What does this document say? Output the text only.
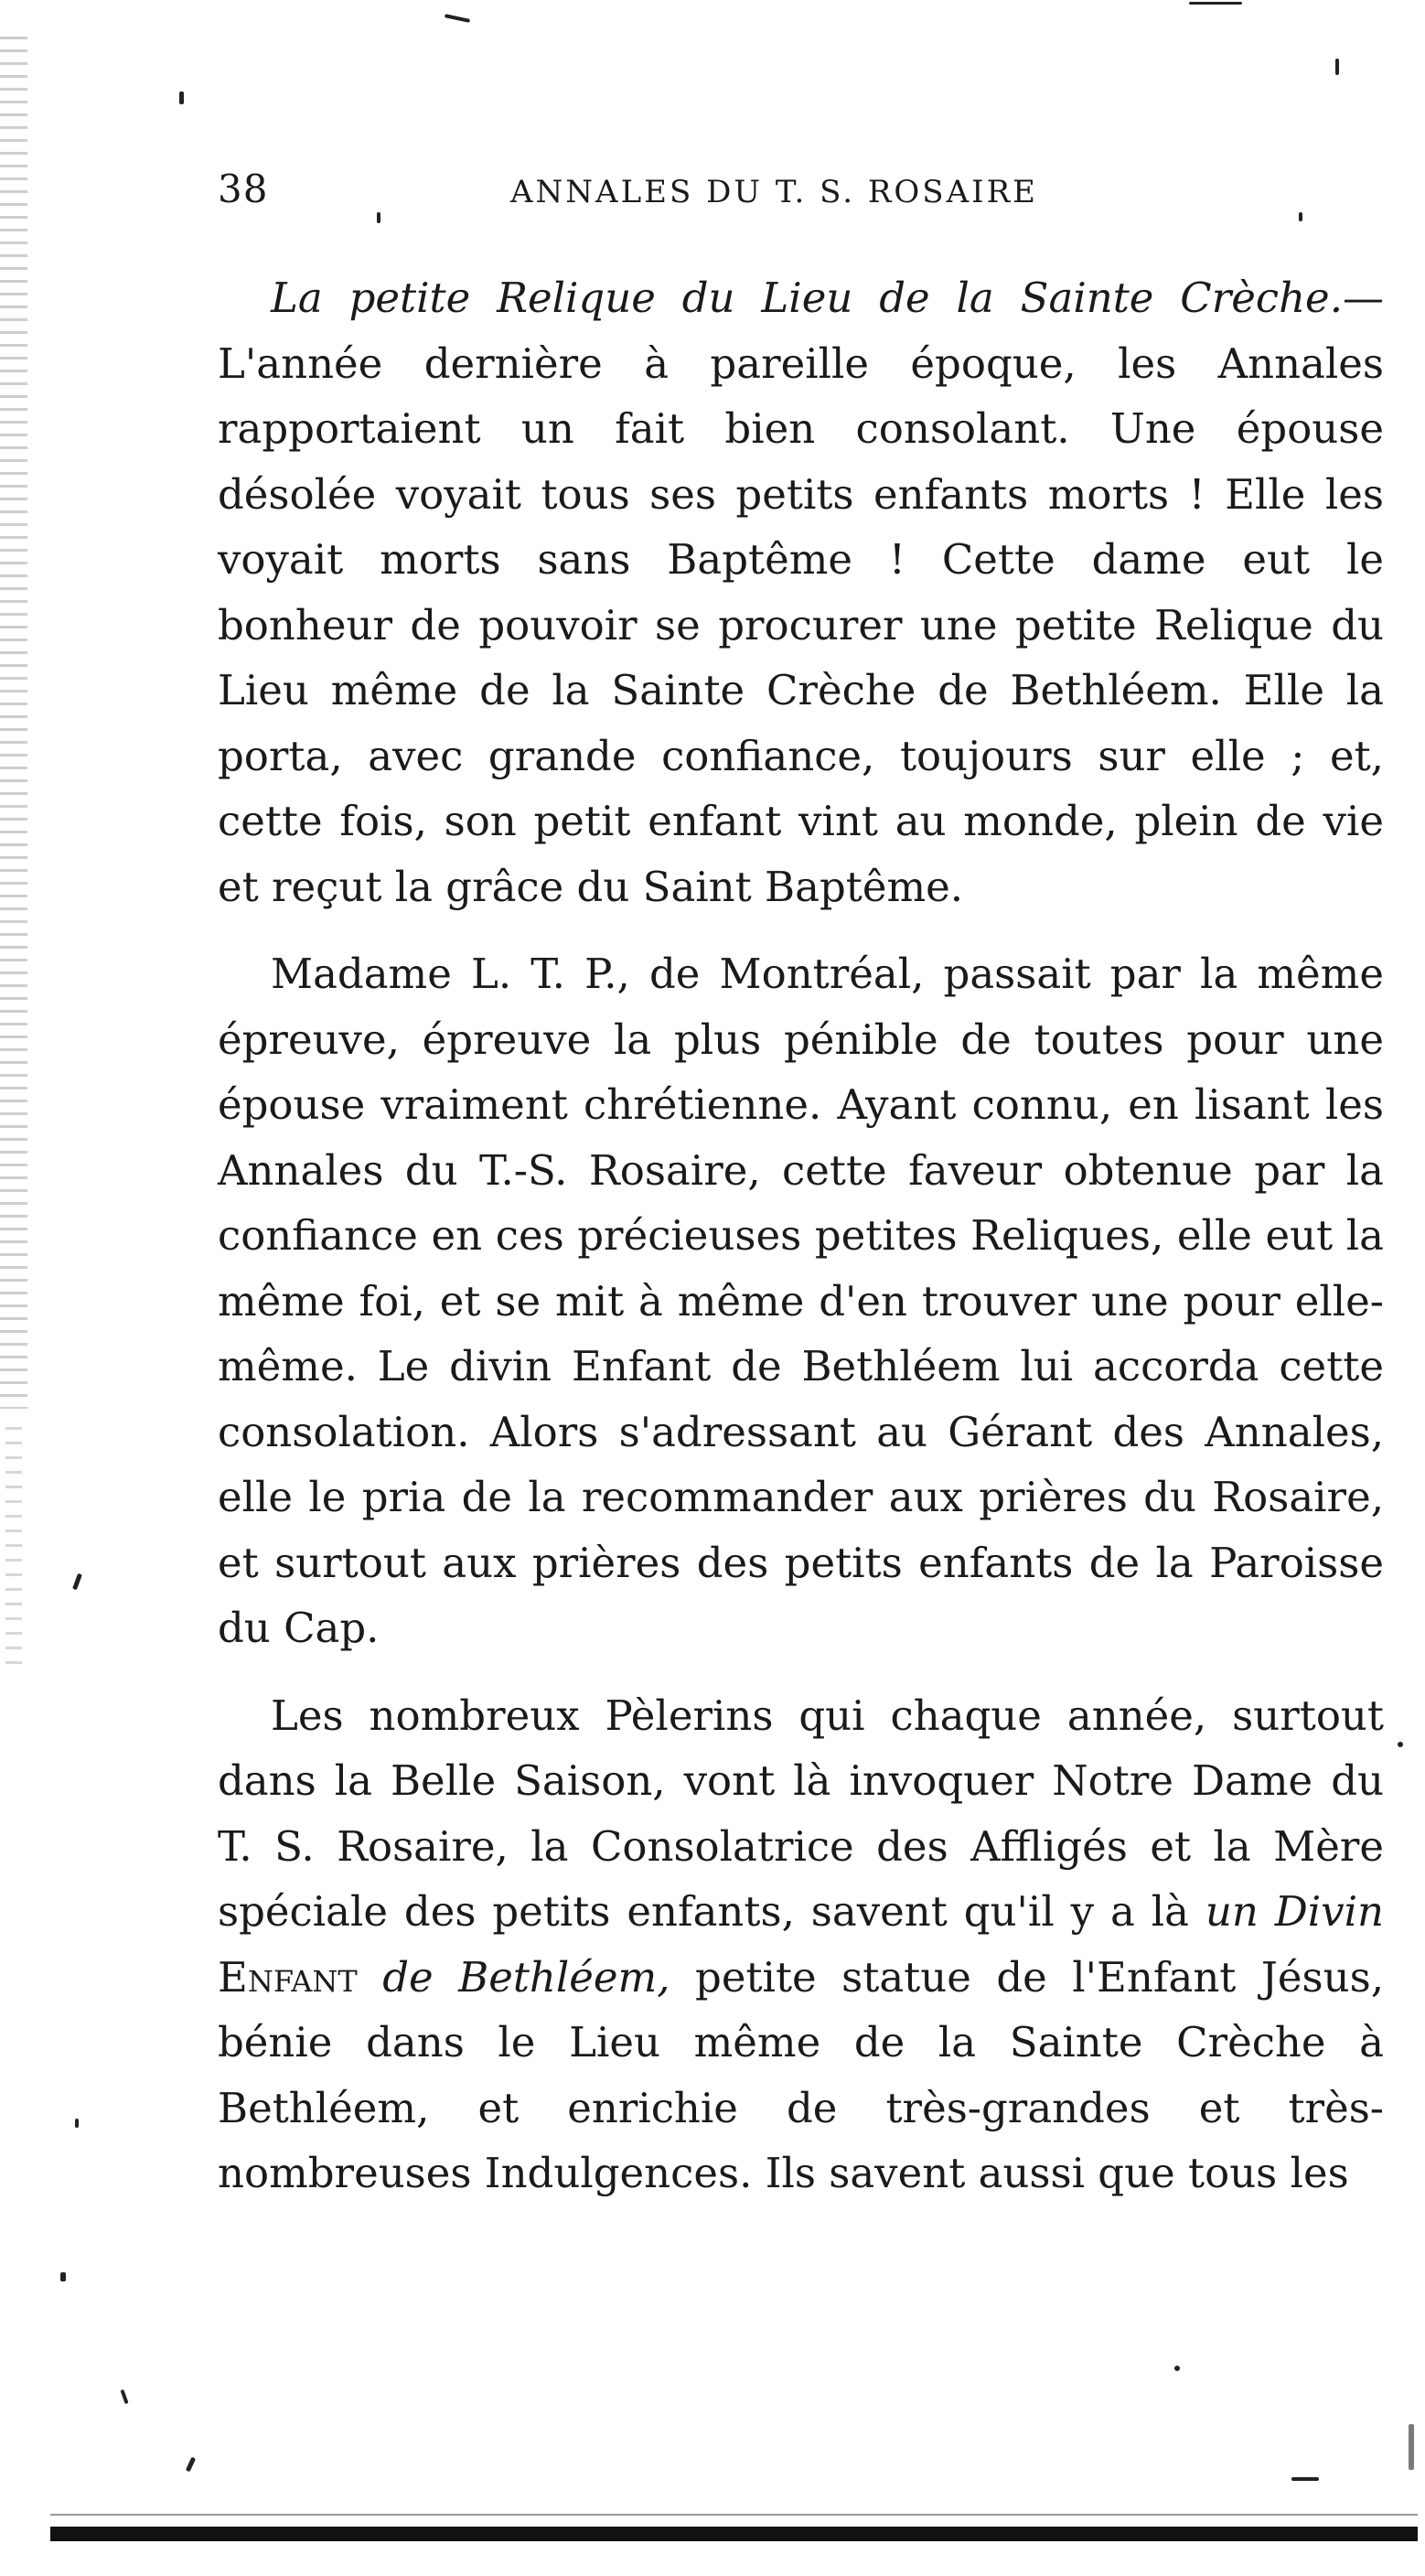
38	ANNALES DU T. S. ROSAIRE

La petite Relique du Lieu de la Sainte Crèche.— L'année dernière à pareille époque, les Annales rapportaient un fait bien consolant. Une épouse désolée voyait tous ses petits enfants morts ! Elle les voyait morts sans Baptême ! Cette dame eut le bonheur de pouvoir se procurer une petite Relique du Lieu même de la Sainte Crèche de Bethléem. Elle la porta, avec grande confiance, toujours sur elle ; et, cette fois, son petit enfant vint au monde, plein de vie et reçut la grâce du Saint Baptême.

Madame L. T. P., de Montréal, passait par la même épreuve, épreuve la plus pénible de toutes pour une épouse vraiment chrétienne. Ayant connu, en lisant les Annales du T.-S. Rosaire, cette faveur obtenue par la confiance en ces précieuses petites Reliques, elle eut la même foi, et se mit à même d'en trouver une pour elle-même. Le divin Enfant de Bethléem lui accorda cette consolation. Alors s'adressant au Gérant des Annales, elle le pria de la recommander aux prières du Rosaire, et surtout aux prières des petits enfants de la Paroisse du Cap.

Les nombreux Pèlerins qui chaque année, surtout dans la Belle Saison, vont là invoquer Notre Dame du T. S. Rosaire, la Consolatrice des Affligés et la Mère spéciale des petits enfants, savent qu'il y a là un Divin Enfant de Bethléem, petite statue de l'Enfant Jésus, bénie dans le Lieu même de la Sainte Crèche à Bethléem, et enrichie de très-grandes et très-nombreuses Indulgences. Ils savent aussi que tous les
